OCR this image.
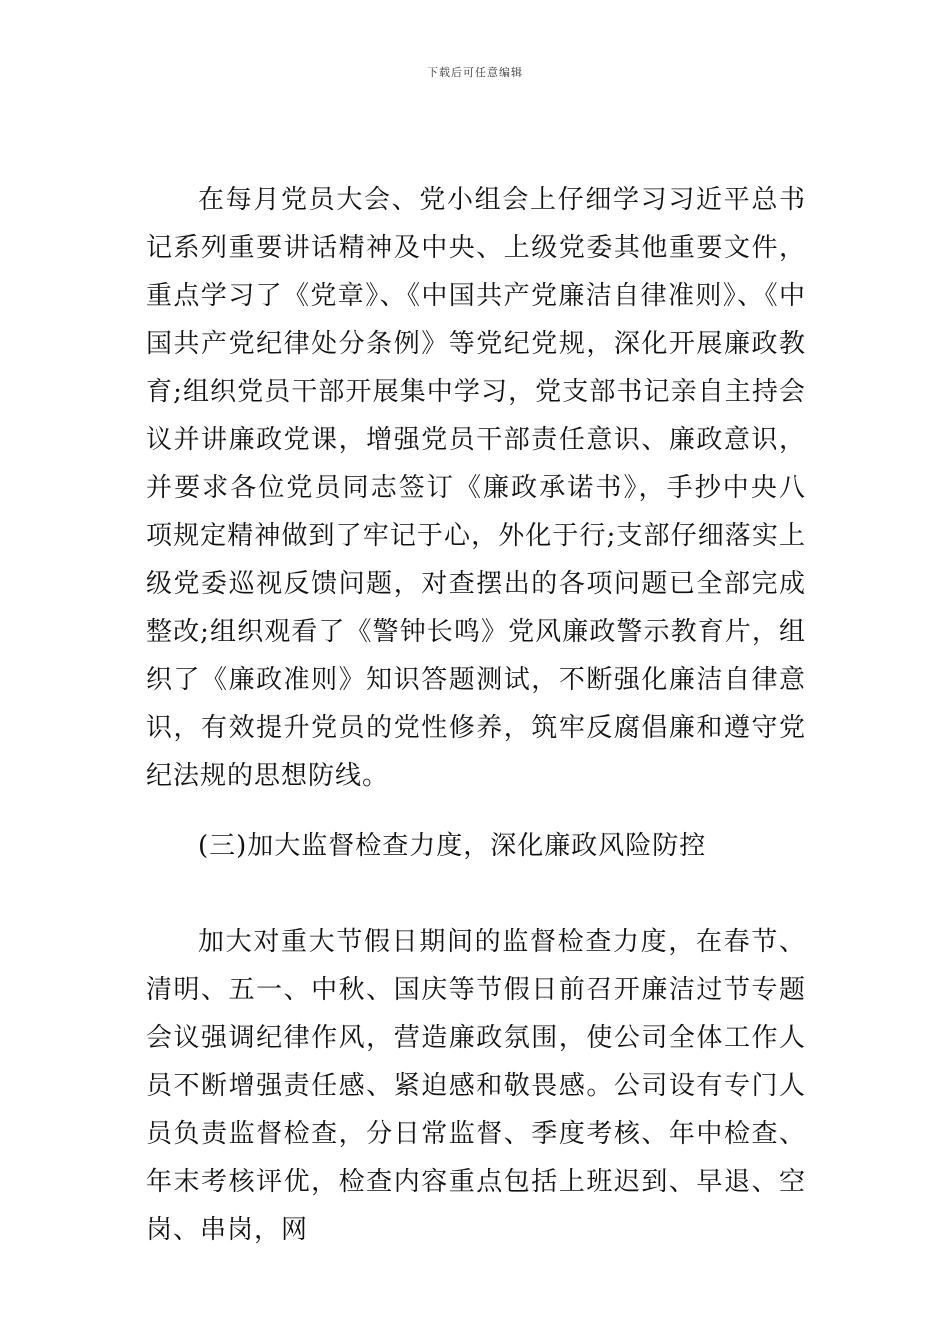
下载后可任意编辑

在每月党员大会、党小组会上仔细学习习近平总书记系列重要讲话精神及中央、上级党委其他重要文件，重点学习了《党章》、《中国共产党廉洁自律准则》、《中国共产党纪律处分条例》等党纪党规，深化开展廉政教育;组织党员干部开展集中学习，党支部书记亲自主持会议并讲廉政党课，增强党员干部责任意识、廉政意识，并要求各位党员同志签订《廉政承诺书》，手抄中央八项规定精神做到了牢记于心，外化于行;支部仔细落实上级党委巡视反馈问题，对查摆出的各项问题已全部完成整改;组织观看了《警钟长鸣》党风廉政警示教育片，组织了《廉政准则》知识答题测试，不断强化廉洁自律意识，有效提升党员的党性修养，筑牢反腐倡廉和遵守党纪法规的思想防线。

(三)加大监督检查力度，深化廉政风险防控

加大对重大节假日期间的监督检查力度，在春节、清明、五一、中秋、国庆等节假日前召开廉洁过节专题会议强调纪律作风，营造廉政氛围，使公司全体工作人员不断增强责任感、紧迫感和敬畏感。公司设有专门人员负责监督检查，分日常监督、季度考核、年中检查、年末考核评优，检查内容重点包括上班迟到、早退、空岗、串岗，网
